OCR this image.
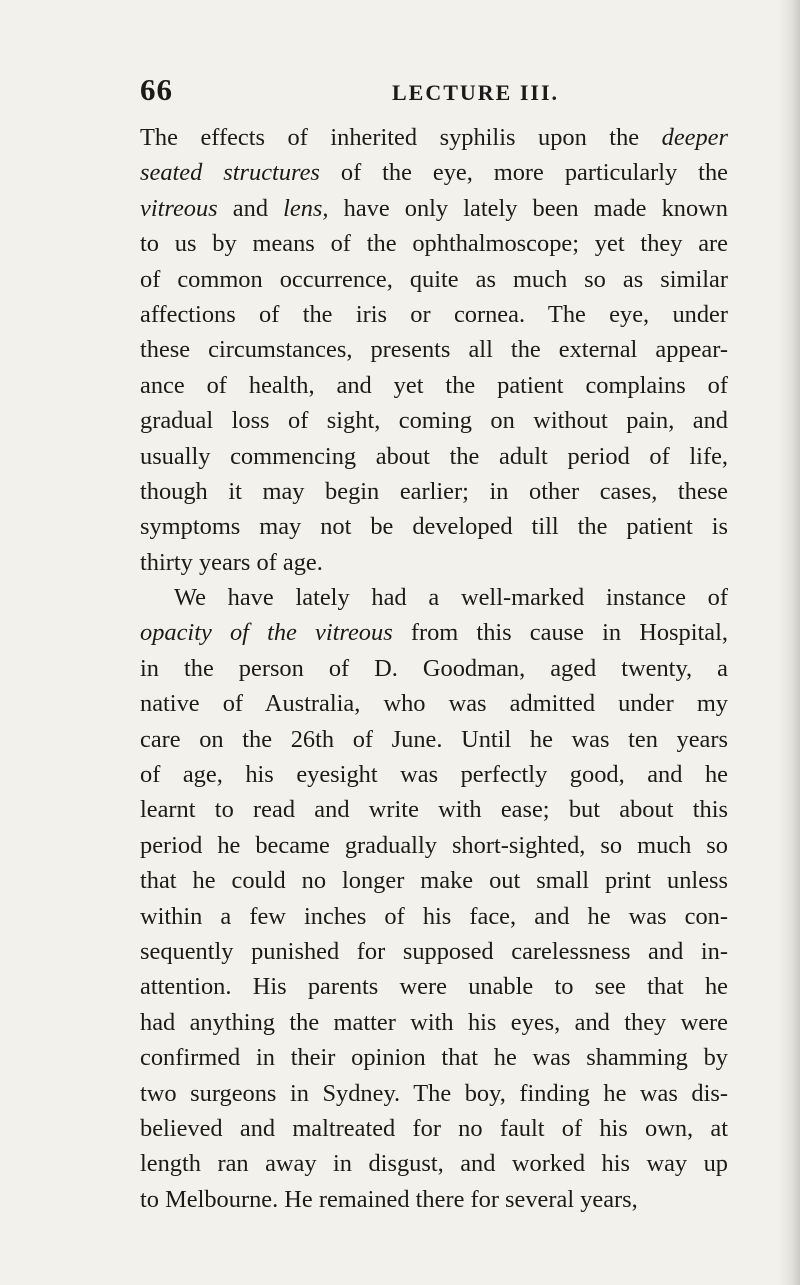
66	LECTURE III.
The effects of inherited syphilis upon the deeper
seated structures of the eye, more particularly the
vitreous and lens, have only lately been made known
to us by means of the ophthalmoscope; yet they are
of common occurrence, quite as much so as similar
affections of the iris or cornea. The eye, under
these circumstances, presents all the external appear-
ance of health, and yet the patient complains of
gradual loss of sight, coming on without pain, and
usually commencing about the adult period of life,
though it may begin earlier; in other cases, these
symptoms may not be developed till the patient is
thirty years of age.
We have lately had a well-marked instance of
opacity of the vitreous from this cause in Hospital,
in the person of D. Goodman, aged twenty, a
native of Australia, who was admitted under my
care on the 26th of June. Until he was ten years
of age, his eyesight was perfectly good, and he
learnt to read and write with ease; but about this
period he became gradually short-sighted, so much so
that he could no longer make out small print unless
within a few inches of his face, and he was con-
sequently punished for supposed carelessness and in-
attention. His parents were unable to see that he
had anything the matter with his eyes, and they were
confirmed in their opinion that he was shamming by
two surgeons in Sydney. The boy, finding he was dis-
believed and maltreated for no fault of his own, at
length ran away in disgust, and worked his way up
to Melbourne. He remained there for several years,
